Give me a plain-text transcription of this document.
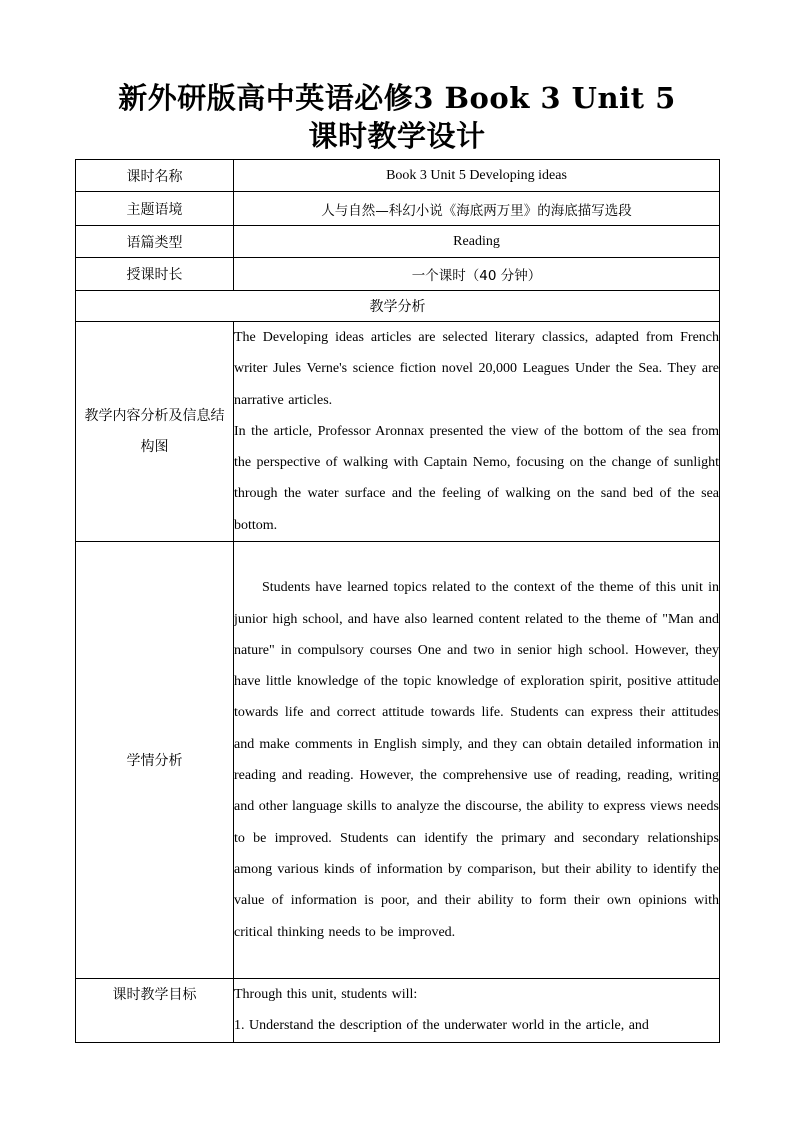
新外研版高中英语必修3 Book 3 Unit 5
课时教学设计
课时名称	Book 3 Unit 5 Developing ideas
主题语境	人与自然—科幻小说《海底两万里》的海底描写选段
语篇类型	Reading
授课时长	一个课时（40 分钟）
教学分析	

教学内容分析及信息结构图	The Developing ideas articles are selected literary classics, adapted from French writer Jules Verne's science fiction novel 20,000 Leagues Under the Sea. They are narrative articles.

In the article, Professor Aronnax presented the view of the bottom of the sea from the perspective of walking with Captain Nemo, focusing on the change of sunlight through the water surface and the feeling of walking on the sand bed of the sea bottom.

学情分析	Students have learned topics related to the context of the theme of this unit in junior high school, and have also learned content related to the theme of "Man and nature" in compulsory courses One and two in senior high school. However, they have little knowledge of the topic knowledge of exploration spirit, positive attitude towards life and correct attitude towards life. Students can express their attitudes and make comments in English simply, and they can obtain detailed information in reading and reading. However, the comprehensive use of reading, reading, writing and other language skills to analyze the discourse, the ability to express views needs to be improved. Students can identify the primary and secondary relationships among various kinds of information by comparison, but their ability to identify the value of information is poor, and their ability to form their own opinions with critical thinking needs to be improved.

课时教学目标	Through this unit, students will:

1. Understand the description of the underwater world in the article, and
